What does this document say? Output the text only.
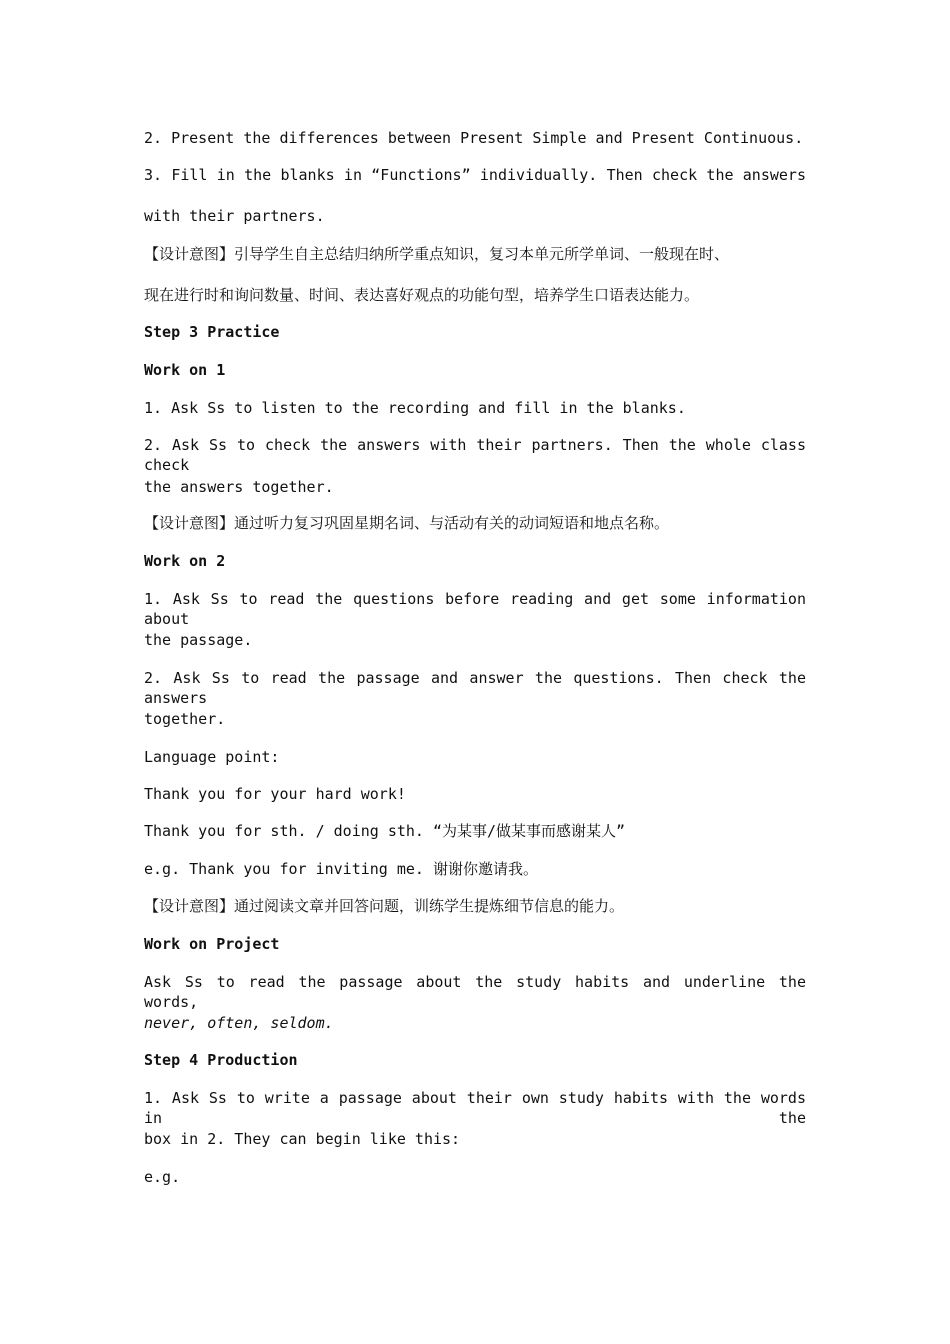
2. Present the differences between Present Simple and Present Continuous.
3. Fill in the blanks in “Functions” individually. Then check the answers
with their partners.
【设计意图】引导学生自主总结归纳所学重点知识，复习本单元所学单词、一般现在时、
现在进行时和询问数量、时间、表达喜好观点的功能句型，培养学生口语表达能力。
Step 3 Practice
Work on 1
1. Ask Ss to listen to the recording and fill in the blanks.
2. Ask Ss to check the answers with their partners. Then the whole class check
the answers together.
【设计意图】通过听力复习巩固星期名词、与活动有关的动词短语和地点名称。
Work on 2
1. Ask Ss to read the questions before reading and get some information about
the passage.
2. Ask Ss to read the passage and answer the questions. Then check the answers
together.
Language point:
Thank you for your hard work!
Thank you for sth. / doing sth. “为某事/做某事而感谢某人”
e.g. Thank you for inviting me. 谢谢你邀请我。
【设计意图】通过阅读文章并回答问题，训练学生提炼细节信息的能力。
Work on Project
Ask Ss to read the passage about the study habits and underline the words,
never, often, seldom.
Step 4 Production
1. Ask Ss to write a passage about their own study habits with the words in the
box in 2. They can begin like this:
e.g.
